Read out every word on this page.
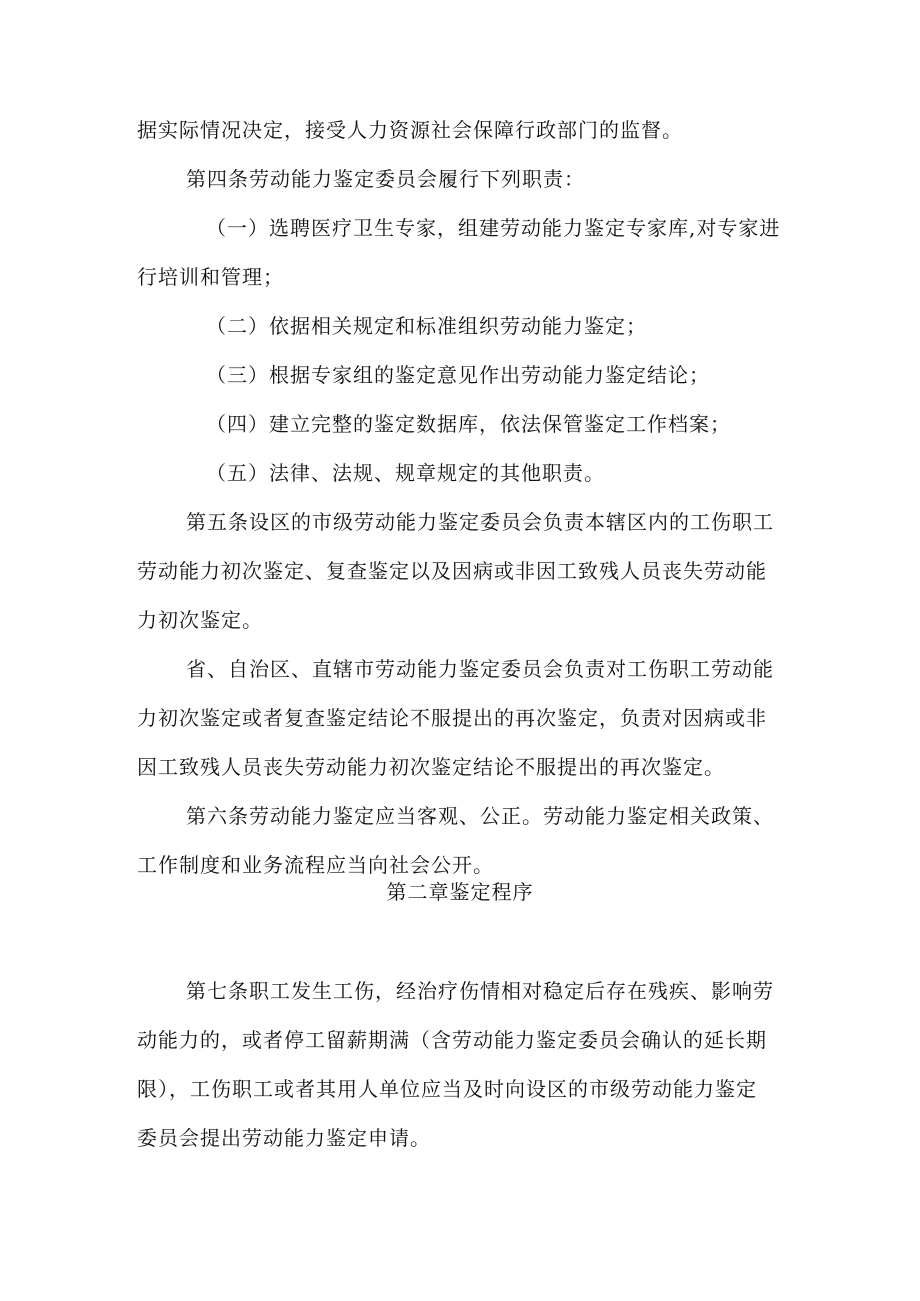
据实际情况决定，接受人力资源社会保障行政部门的监督。
第四条劳动能力鉴定委员会履行下列职责：
（一）选聘医疗卫生专家，组建劳动能力鉴定专家库,对专家进
行培训和管理；
（二）依据相关规定和标准组织劳动能力鉴定；
（三）根据专家组的鉴定意见作出劳动能力鉴定结论；
（四）建立完整的鉴定数据库，依法保管鉴定工作档案；
（五）法律、法规、规章规定的其他职责。
第五条设区的市级劳动能力鉴定委员会负责本辖区内的工伤职工
劳动能力初次鉴定、复查鉴定以及因病或非因工致残人员丧失劳动能
力初次鉴定。
省、自治区、直辖市劳动能力鉴定委员会负责对工伤职工劳动能
力初次鉴定或者复查鉴定结论不服提出的再次鉴定，负责对因病或非
因工致残人员丧失劳动能力初次鉴定结论不服提出的再次鉴定。
第六条劳动能力鉴定应当客观、公正。劳动能力鉴定相关政策、
工作制度和业务流程应当向社会公开。
第二章鉴定程序
第七条职工发生工伤，经治疗伤情相对稳定后存在残疾、影响劳
动能力的，或者停工留薪期满（含劳动能力鉴定委员会确认的延长期
限），工伤职工或者其用人单位应当及时向设区的市级劳动能力鉴定
委员会提出劳动能力鉴定申请。
